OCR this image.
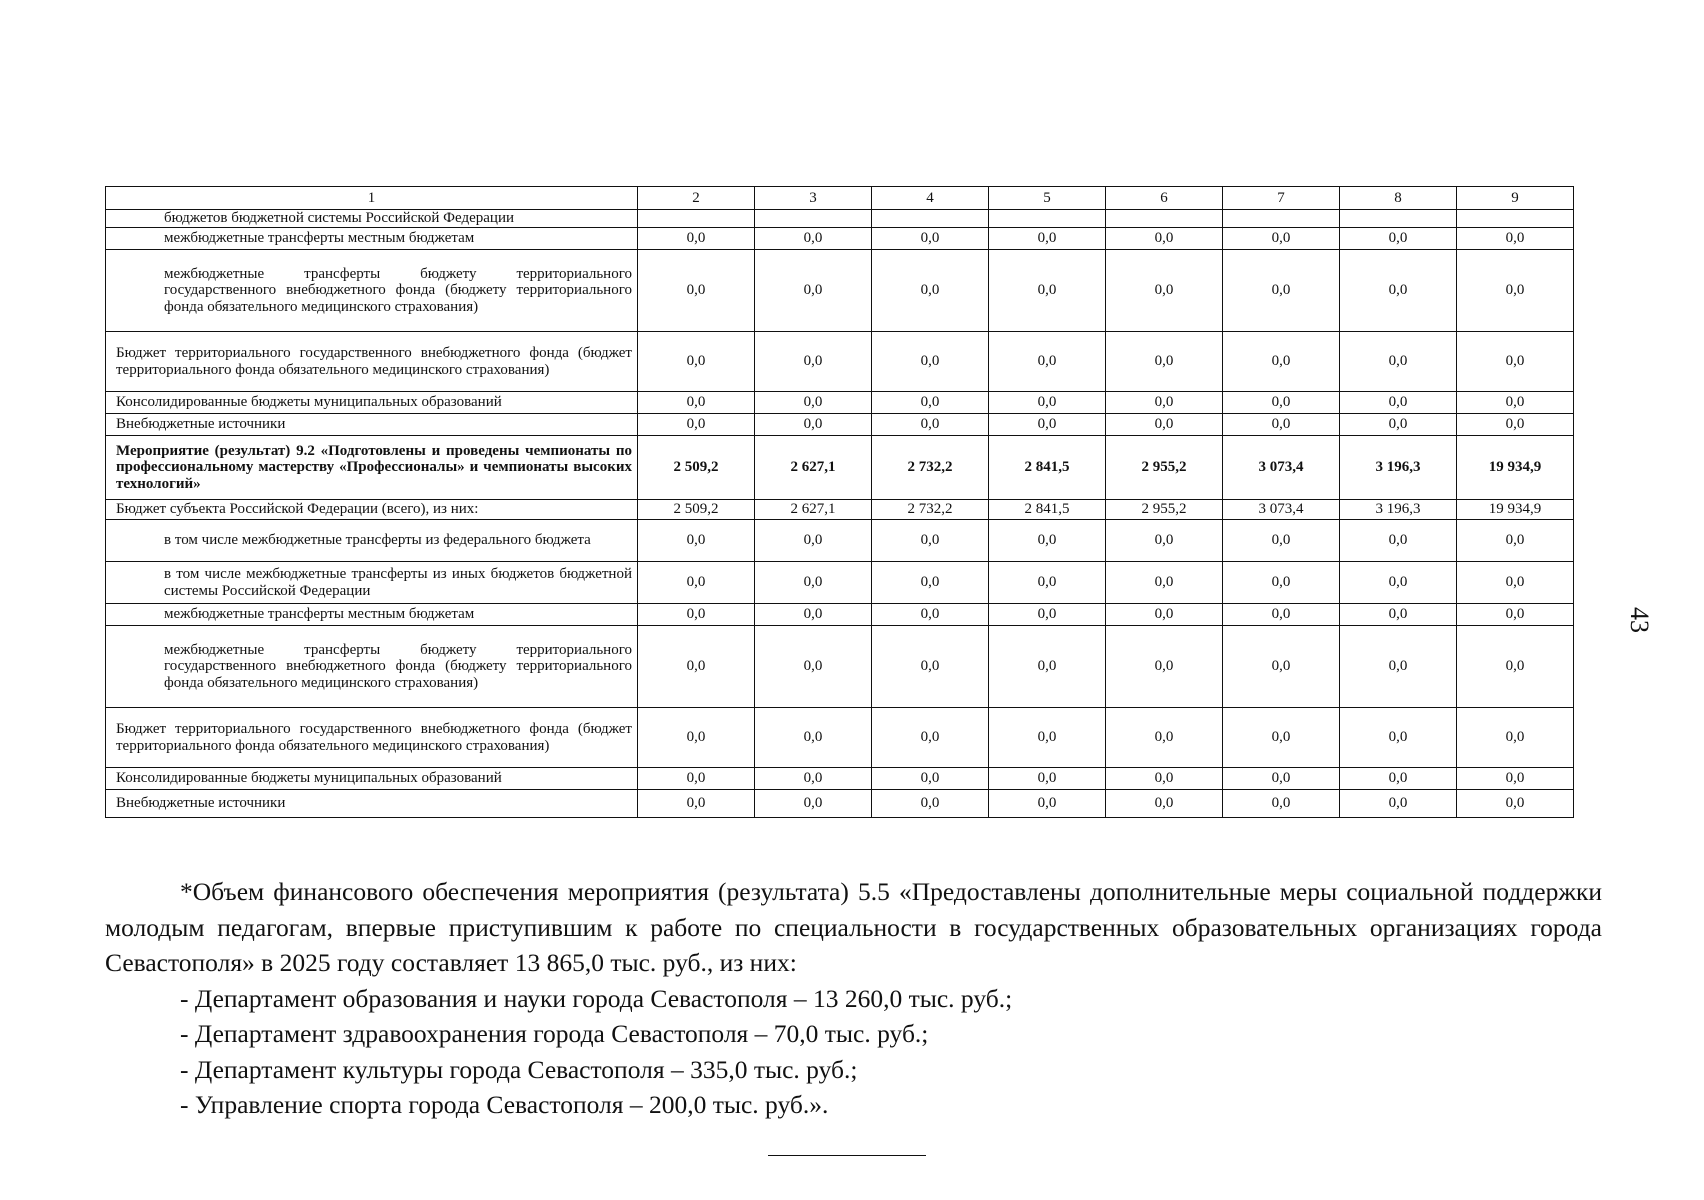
1	2	3	4	5	6	7	8	9
бюджетов бюджетной системы Российской Федерации								
межбюджетные трансферты местным бюджетам	0,0	0,0	0,0	0,0	0,0	0,0	0,0	0,0
межбюджетные трансферты бюджету территориального государственного внебюджетного фонда (бюджету территориального фонда обязательного медицинского страхования)	0,0	0,0	0,0	0,0	0,0	0,0	0,0	0,0
Бюджет территориального государственного внебюджетного фонда (бюджет территориального фонда обязательного медицинского страхования)	0,0	0,0	0,0	0,0	0,0	0,0	0,0	0,0
Консолидированные бюджеты муниципальных образований	0,0	0,0	0,0	0,0	0,0	0,0	0,0	0,0
Внебюджетные источники	0,0	0,0	0,0	0,0	0,0	0,0	0,0	0,0
Мероприятие (результат) 9.2 «Подготовлены и проведены чемпионаты по профессиональному мастерству «Профессионалы» и чемпионаты высоких технологий»	2 509,2	2 627,1	2 732,2	2 841,5	2 955,2	3 073,4	3 196,3	19 934,9
Бюджет субъекта Российской Федерации (всего), из них:	2 509,2	2 627,1	2 732,2	2 841,5	2 955,2	3 073,4	3 196,3	19 934,9
в том числе межбюджетные трансферты из федерального бюджета	0,0	0,0	0,0	0,0	0,0	0,0	0,0	0,0
в том числе межбюджетные трансферты из иных бюджетов бюджетной системы Российской Федерации	0,0	0,0	0,0	0,0	0,0	0,0	0,0	0,0
межбюджетные трансферты местным бюджетам	0,0	0,0	0,0	0,0	0,0	0,0	0,0	0,0
межбюджетные трансферты бюджету территориального государственного внебюджетного фонда (бюджету территориального фонда обязательного медицинского страхования)	0,0	0,0	0,0	0,0	0,0	0,0	0,0	0,0
Бюджет территориального государственного внебюджетного фонда (бюджет территориального фонда обязательного медицинского страхования)	0,0	0,0	0,0	0,0	0,0	0,0	0,0	0,0
Консолидированные бюджеты муниципальных образований	0,0	0,0	0,0	0,0	0,0	0,0	0,0	0,0
Внебюджетные источники	0,0	0,0	0,0	0,0	0,0	0,0	0,0	0,0
43

*Объем финансового обеспечения мероприятия (результата) 5.5 «Предоставлены дополнительные меры социальной поддержки молодым педагогам, впервые приступившим к работе по специальности в государственных образовательных организациях города Севастополя» в 2025 году составляет 13 865,0 тыс. руб., из них:

- Департамент образования и науки города Севастополя – 13 260,0 тыс. руб.;

- Департамент здравоохранения города Севастополя – 70,0 тыс. руб.;

- Департамент культуры города Севастополя – 335,0 тыс. руб.;

- Управление спорта города Севастополя – 200,0 тыс. руб.».
